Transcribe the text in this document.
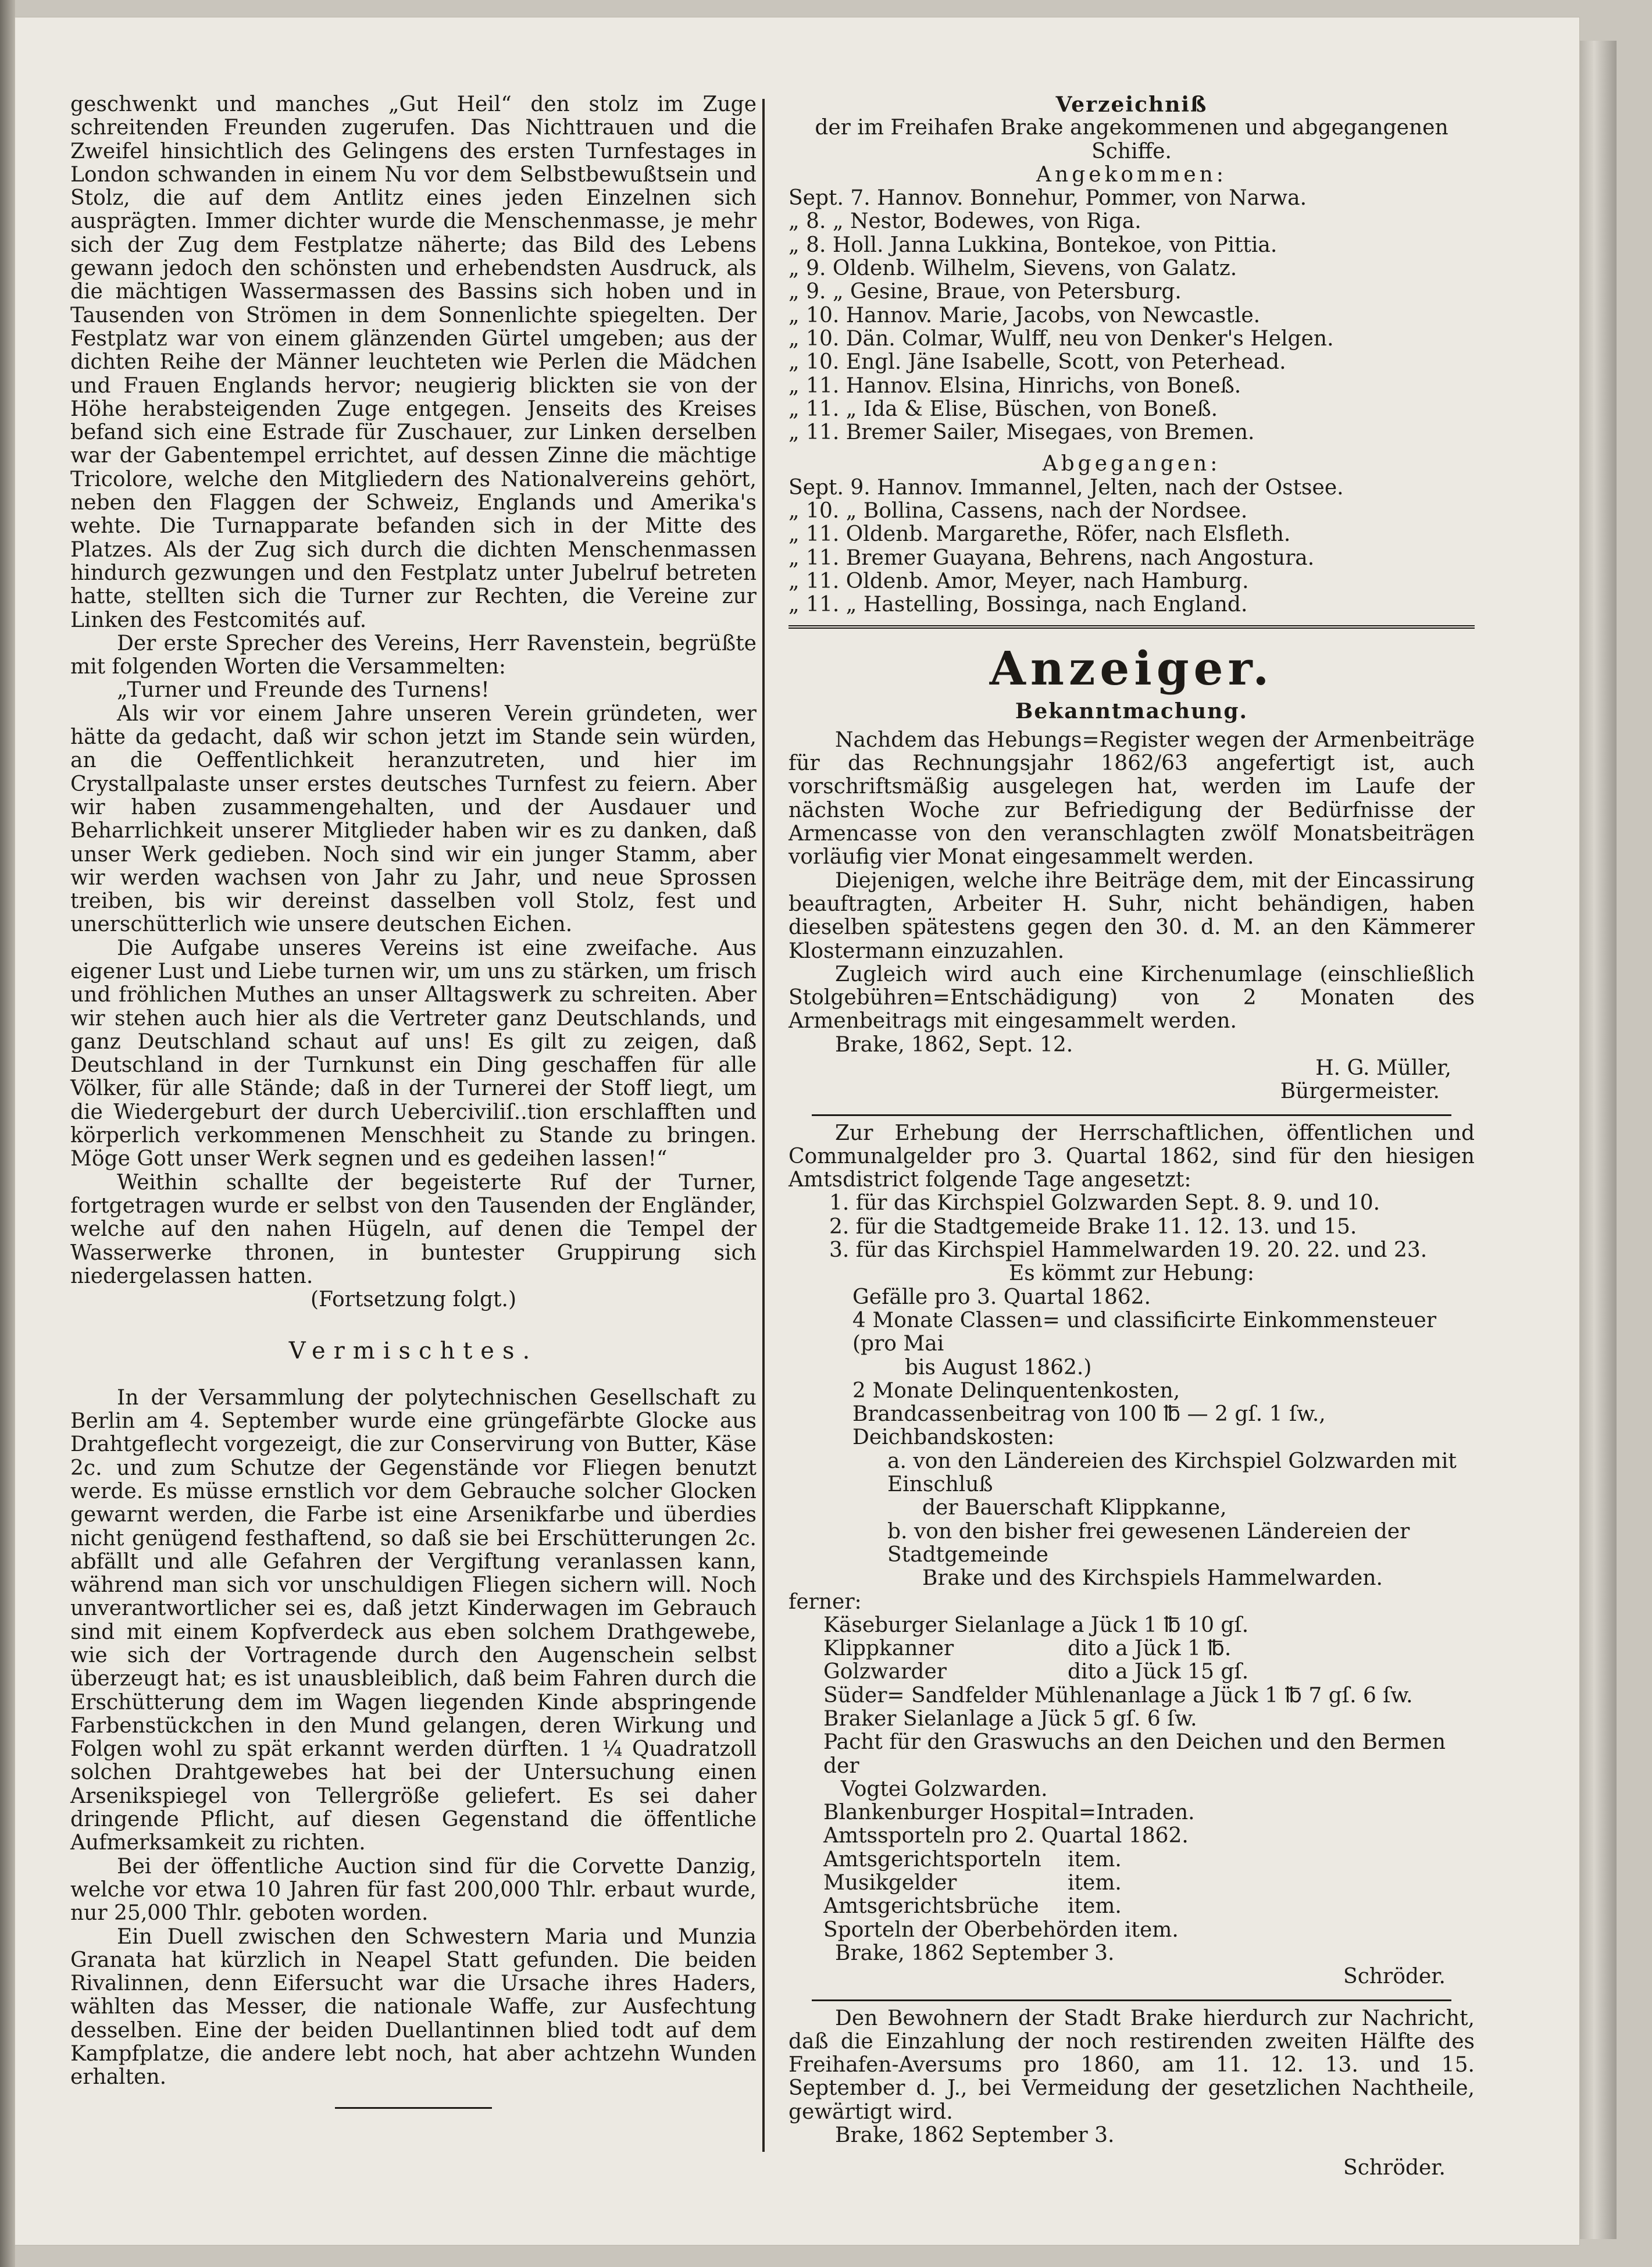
geschwenkt und manches „Gut Heil“ den stolz im Zuge schreitenden Freunden zugerufen. Das Nichttrauen und die Zweifel hinsichtlich des Gelingens des ersten Turnfestages in London schwanden in einem Nu vor dem Selbstbewußtsein und Stolz, die auf dem Antlitz eines jeden Einzelnen sich ausprägten. Immer dichter wurde die Menschenmasse, je mehr sich der Zug dem Festplatze näherte; das Bild des Lebens gewann jedoch den schönsten und erhebendsten Ausdruck, als die mächtigen Wassermassen des Bassins sich hoben und in Tausenden von Strömen in dem Sonnenlichte spiegelten. Der Festplatz war von einem glänzenden Gürtel umgeben; aus der dichten Reihe der Männer leuchteten wie Perlen die Mädchen und Frauen Englands hervor; neugierig blickten sie von der Höhe herabsteigenden Zuge entgegen. Jenseits des Kreises befand sich eine Estrade für Zuschauer, zur Linken derselben war der Gabentempel errichtet, auf dessen Zinne die mächtige Tricolore, welche den Mitgliedern des Nationalvereins gehört, neben den Flaggen der Schweiz, Englands und Amerika's wehte. Die Turnapparate befanden sich in der Mitte des Platzes. Als der Zug sich durch die dichten Menschenmassen hindurch gezwungen und den Festplatz unter Jubelruf betreten hatte, stellten sich die Turner zur Rechten, die Vereine zur Linken des Festcomités auf.

Der erste Sprecher des Vereins, Herr Ravenstein, begrüßte mit folgenden Worten die Versammelten:

„Turner und Freunde des Turnens!

Als wir vor einem Jahre unseren Verein gründeten, wer hätte da gedacht, daß wir schon jetzt im Stande sein würden, an die Oeffentlichkeit heranzutreten, und hier im Crystallpalaste unser erstes deutsches Turnfest zu feiern. Aber wir haben zusammengehalten, und der Ausdauer und Beharrlichkeit unserer Mitglieder haben wir es zu danken, daß unser Werk gedieben. Noch sind wir ein junger Stamm, aber wir werden wachsen von Jahr zu Jahr, und neue Sprossen treiben, bis wir dereinst dasselben voll Stolz, fest und unerschütterlich wie unsere deutschen Eichen.

Die Aufgabe unseres Vereins ist eine zweifache. Aus eigener Lust und Liebe turnen wir, um uns zu stärken, um frisch und fröhlichen Muthes an unser Alltagswerk zu schreiten. Aber wir stehen auch hier als die Vertreter ganz Deutschlands, und ganz Deutschland schaut auf uns! Es gilt zu zeigen, daß Deutschland in der Turnkunst ein Ding geschaffen für alle Völker, für alle Stände; daß in der Turnerei der Stoff liegt, um die Wiedergeburt der durch Ueberciviliſ..tion erschlafften und körperlich verkommenen Menschheit zu Stande zu bringen. Möge Gott unser Werk segnen und es gedeihen lassen!“

Weithin schallte der begeisterte Ruf der Turner, fortgetragen wurde er selbst von den Tausenden der Engländer, welche auf den nahen Hügeln, auf denen die Tempel der Wasserwerke thronen, in buntester Gruppirung sich niedergelassen hatten.

(Fortsetzung folgt.)

Vermischtes.

In der Versammlung der polytechnischen Gesellschaft zu Berlin am 4. September wurde eine grüngefärbte Glocke aus Drahtgeflecht vorgezeigt, die zur Conservirung von Butter, Käse 2c. und zum Schutze der Gegenstände vor Fliegen benutzt werde. Es müsse ernstlich vor dem Gebrauche solcher Glocken gewarnt werden, die Farbe ist eine Arsenikfarbe und überdies nicht genügend festhaftend, so daß sie bei Erschütterungen 2c. abfällt und alle Gefahren der Vergiftung veranlassen kann, während man sich vor unschuldigen Fliegen sichern will. Noch unverantwortlicher sei es, daß jetzt Kinderwagen im Gebrauch sind mit einem Kopfverdeck aus eben solchem Drathgewebe, wie sich der Vortragende durch den Augenschein selbst überzeugt hat; es ist unausbleiblich, daß beim Fahren durch die Erschütterung dem im Wagen liegenden Kinde abspringende Farbenstückchen in den Mund gelangen, deren Wirkung und Folgen wohl zu spät erkannt werden dürften. 1 ¼ Quadratzoll solchen Drahtgewebes hat bei der Untersuchung einen Arsenikspiegel von Tellergröße geliefert. Es sei daher dringende Pflicht, auf diesen Gegenstand die öffentliche Aufmerksamkeit zu richten.

Bei der öffentliche Auction sind für die Corvette Danzig, welche vor etwa 10 Jahren für fast 200,000 Thlr. erbaut wurde, nur 25,000 Thlr. geboten worden.

Ein Duell zwischen den Schwestern Maria und Munzia Granata hat kürzlich in Neapel Statt gefunden. Die beiden Rivalinnen, denn Eifersucht war die Ursache ihres Haders, wählten das Messer, die nationale Waffe, zur Ausfechtung desselben. Eine der beiden Duellantinnen blied todt auf dem Kampfplatze, die andere lebt noch, hat aber achtzehn Wunden erhalten.

Verzeichniß

der im Freihafen Brake angekommenen und abgegangenen Schiffe.

Angekommen:

Sept. 7. Hannov. Bonnehur, Pommer, von Narwa.
„ 8. „ Nestor, Bodewes, von Riga.
„ 8. Holl. Janna Lukkina, Bontekoe, von Pittia.
„ 9. Oldenb. Wilhelm, Sievens, von Galatz.
„ 9. „ Gesine, Braue, von Petersburg.
„ 10. Hannov. Marie, Jacobs, von Newcastle.
„ 10. Dän. Colmar, Wulff, neu von Denker's Helgen.
„ 10. Engl. Jäne Isabelle, Scott, von Peterhead.
„ 11. Hannov. Elsina, Hinrichs, von Boneß.
„ 11. „ Ida & Elise, Büschen, von Boneß.
„ 11. Bremer Sailer, Misegaes, von Bremen.

Abgegangen:

Sept. 9. Hannov. Immannel, Jelten, nach der Ostsee.
„ 10. „ Bollina, Cassens, nach der Nordsee.
„ 11. Oldenb. Margarethe, Röfer, nach Elsfleth.
„ 11. Bremer Guayana, Behrens, nach Angostura.
„ 11. Oldenb. Amor, Meyer, nach Hamburg.
„ 11. „ Hastelling, Bossinga, nach England.
Anzeiger.
Bekanntmachung.

Nachdem das Hebungs=Register wegen der Armenbeiträge für das Rechnungsjahr 1862/63 angefertigt ist, auch vorschriftsmäßig ausgelegen hat, werden im Laufe der nächsten Woche zur Befriedigung der Bedürfnisse der Armencasse von den veranschlagten zwölf Monatsbeiträgen vorläufig vier Monat eingesammelt werden.

Diejenigen, welche ihre Beiträge dem, mit der Eincassirung beauftragten, Arbeiter H. Suhr, nicht behändigen, haben dieselben spätestens gegen den 30. d. M. an den Kämmerer Klostermann einzuzahlen.

Zugleich wird auch eine Kirchenumlage (einschließlich Stolgebühren=Entschädigung) von 2 Monaten des Armenbeitrags mit eingesammelt werden.

Brake, 1862, Sept. 12.

H. G. Müller,

Bürgermeister.

Zur Erhebung der Herrschaftlichen, öffentlichen und Communalgelder pro 3. Quartal 1862, sind für den hiesigen Amtsdistrict folgende Tage angesetzt:

1. für das Kirchspiel Golzwarden Sept. 8. 9. und 10.
2. für die Stadtgemeide Brake 11. 12. 13. und 15.
3. für das Kirchspiel Hammelwarden 19. 20. 22. und 23.
Es kömmt zur Hebung:
Gefälle pro 3. Quartal 1862.
4 Monate Classen= und classificirte Einkommensteuer (pro Mai
bis August 1862.)
2 Monate Delinquentenkosten,
Brandcassenbeitrag von 100 ℔ — 2 gſ. 1 ſw.,
Deichbandskosten:
a. von den Ländereien des Kirchspiel Golzwarden mit Einschluß
der Bauerschaft Klippkanne,
b. von den bisher frei gewesenen Ländereien der Stadtgemeinde
Brake und des Kirchspiels Hammelwarden.
ferner:
Käseburger Sielanlage a Jück 1 ℔ 10 gſ.
Klippkanner	dito a Jück 1 ℔.
Golzwarder	dito a Jück 15 gſ.
Süder= Sandfelder Mühlenanlage a Jück 1 ℔ 7 gſ. 6 ſw.
Braker Sielanlage a Jück 5 gſ. 6 ſw.
Pacht für den Graswuchs an den Deichen und den Bermen der
Vogtei Golzwarden.
Blankenburger Hospital=Intraden.
Amtssporteln pro 2. Quartal 1862.
Amtsgerichtsporteln	item.
Musikgelder	item.
Amtsgerichtsbrüche	item.
Sporteln der Oberbehörden item.

Brake, 1862 September 3.

Schröder.

Den Bewohnern der Stadt Brake hierdurch zur Nachricht, daß die Einzahlung der noch restirenden zweiten Hälfte des Freihafen-Aversums pro 1860, am 11. 12. 13. und 15. September d. J., bei Vermeidung der gesetzlichen Nachtheile, gewärtigt wird.

Brake, 1862 September 3.

Schröder.
